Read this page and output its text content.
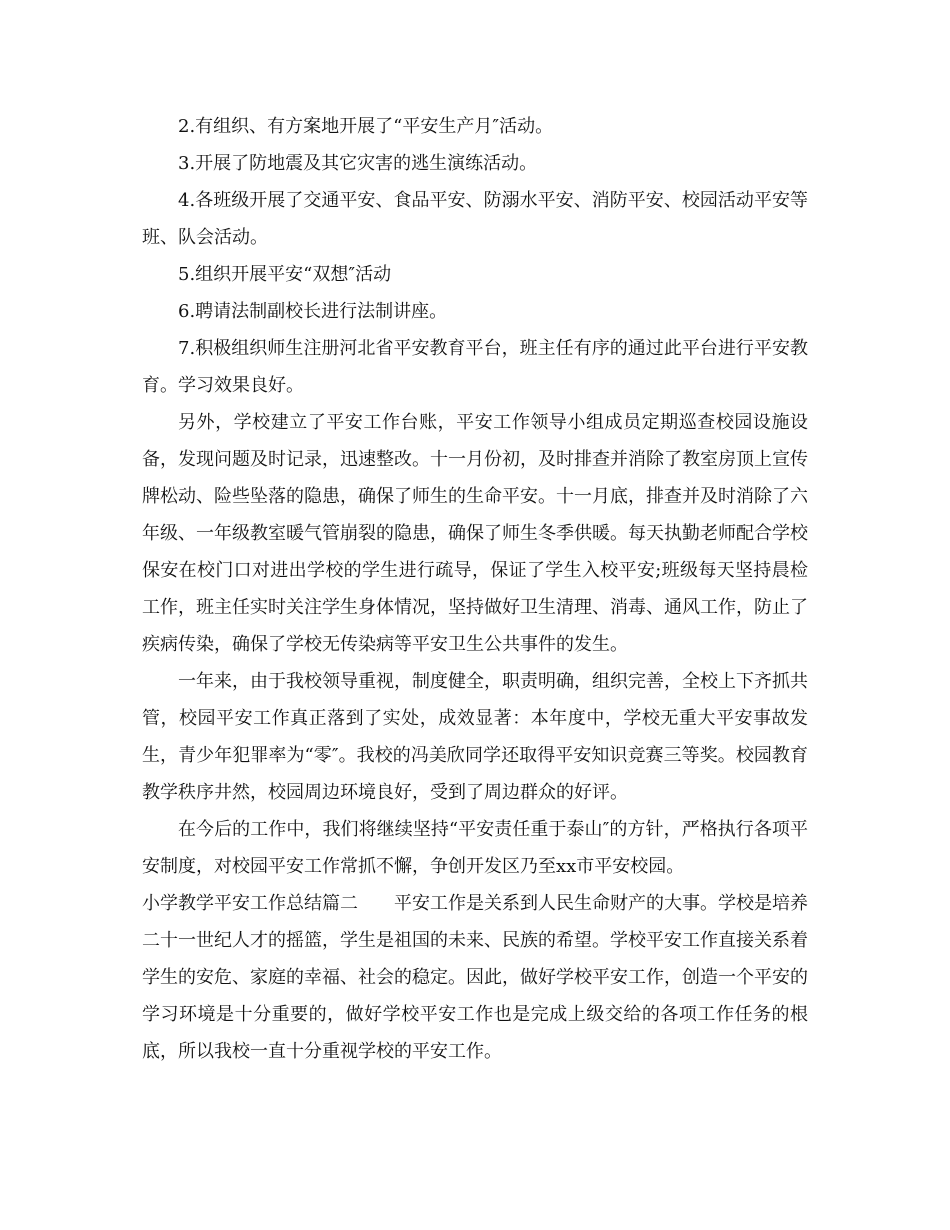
2.有组织、有方案地开展了“平安生产月″活动。

3.开展了防地震及其它灾害的逃生演练活动。

4.各班级开展了交通平安、食品平安、防溺水平安、消防平安、校园活动平安等班、队会活动。

5.组织开展平安“双想″活动

6.聘请法制副校长进行法制讲座。

7.积极组织师生注册河北省平安教育平台，班主任有序的通过此平台进行平安教育。学习效果良好。

另外，学校建立了平安工作台账，平安工作领导小组成员定期巡查校园设施设备，发现问题及时记录，迅速整改。十一月份初，及时排查并消除了教室房顶上宣传牌松动、险些坠落的隐患，确保了师生的生命平安。十一月底，排查并及时消除了六年级、一年级教室暖气管崩裂的隐患，确保了师生冬季供暖。每天执勤老师配合学校保安在校门口对进出学校的学生进行疏导，保证了学生入校平安;班级每天坚持晨检工作，班主任实时关注学生身体情况，坚持做好卫生清理、消毒、通风工作，防止了疾病传染，确保了学校无传染病等平安卫生公共事件的发生。

一年来，由于我校领导重视，制度健全，职责明确，组织完善，全校上下齐抓共管，校园平安工作真正落到了实处，成效显著：本年度中，学校无重大平安事故发生，青少年犯罪率为“零″。我校的冯美欣同学还取得平安知识竞赛三等奖。校园教育教学秩序井然，校园周边环境良好，受到了周边群众的好评。

在今后的工作中，我们将继续坚持“平安责任重于泰山″的方针，严格执行各项平安制度，对校园平安工作常抓不懈，争创开发区乃至xx市平安校园。

小学教学平安工作总结篇二　　平安工作是关系到人民生命财产的大事。学校是培养二十一世纪人才的摇篮，学生是祖国的未来、民族的希望。学校平安工作直接关系着学生的安危、家庭的幸福、社会的稳定。因此，做好学校平安工作，创造一个平安的学习环境是十分重要的，做好学校平安工作也是完成上级交给的各项工作任务的根底，所以我校一直十分重视学校的平安工作。
